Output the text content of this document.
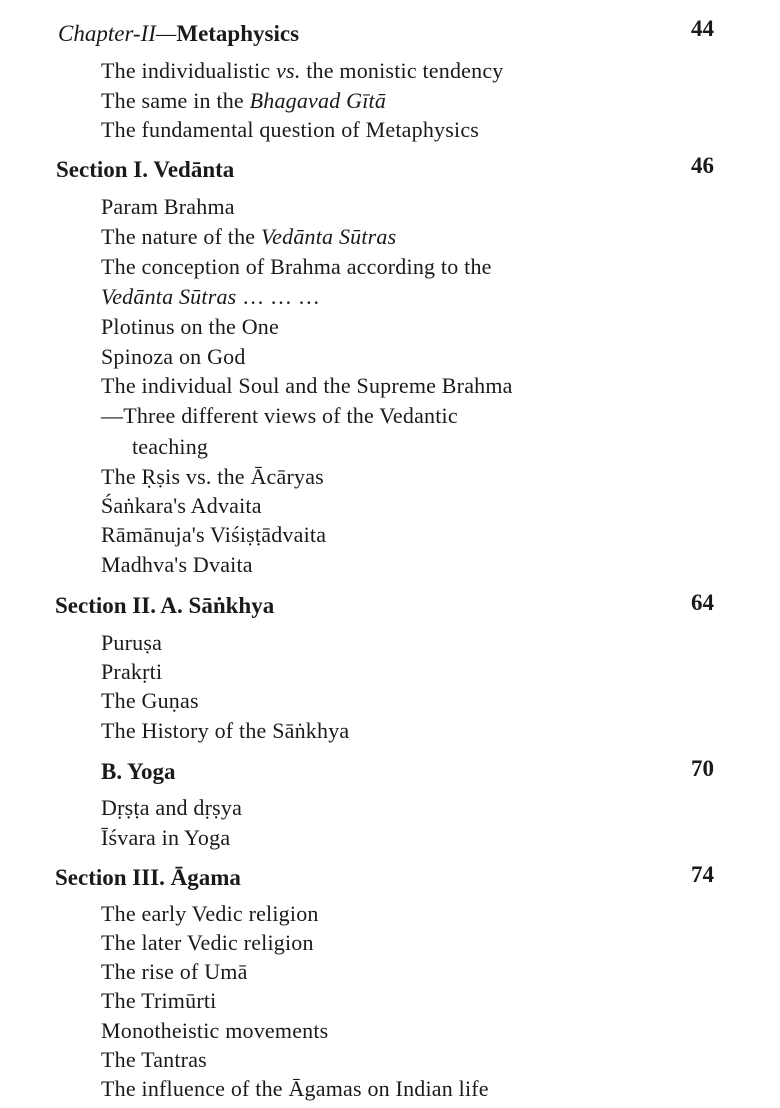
Chapter-II—Metaphysics	44
The individualistic vs. the monistic tendency
The same in the Bhagavad Gītā
The fundamental question of Metaphysics
Section I. Vedānta	46
Param Brahma
The nature of the Vedānta Sūtras
The conception of Brahma according to the
Vedānta Sūtras … … …
Plotinus on the One
Spinoza on God
The individual Soul and the Supreme Brahma
—Three different views of the Vedantic
teaching
The Ṛṣis vs. the Ācāryas
Śaṅkara's Advaita
Rāmānuja's Viśiṣṭādvaita
Madhva's Dvaita
Section II. A. Sāṅkhya	64
Puruṣa
Prakṛti
The Guṇas
The History of the Sāṅkhya
B. Yoga	70
Dṛṣṭa and dṛṣya
Īśvara in Yoga
Section III. Āgama	74
The early Vedic religion
The later Vedic religion
The rise of Umā
The Trimūrti
Monotheistic movements
The Tantras
The influence of the Āgamas on Indian life
